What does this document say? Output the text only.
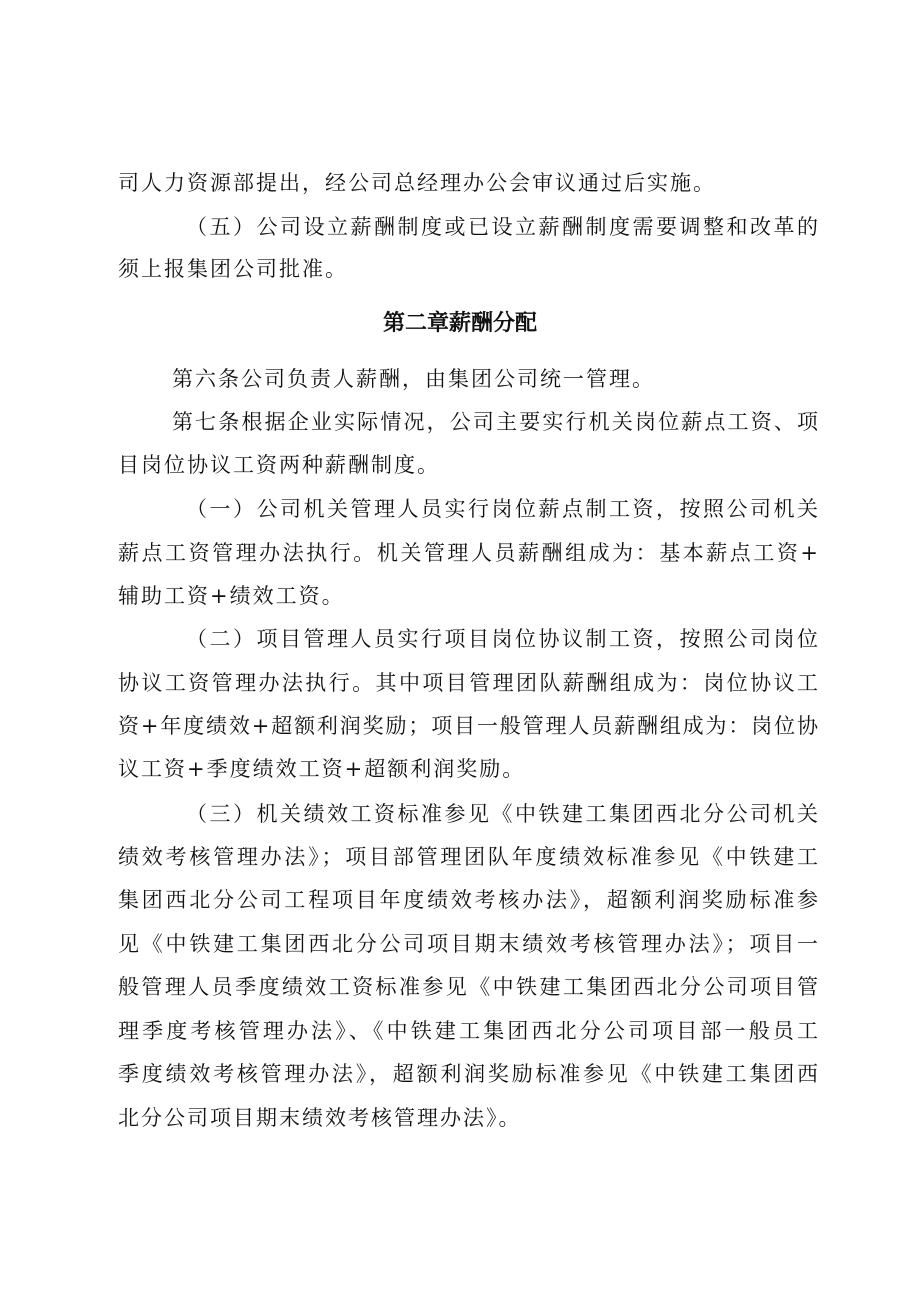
司人力资源部提出，经公司总经理办公会审议通过后实施。
（五）公司设立薪酬制度或已设立薪酬制度需要调整和改革的
须上报集团公司批准。
第二章薪酬分配
第六条公司负责人薪酬，由集团公司统一管理。
第七条根据企业实际情况，公司主要实行机关岗位薪点工资、项
目岗位协议工资两种薪酬制度。
（一）公司机关管理人员实行岗位薪点制工资，按照公司机关
薪点工资管理办法执行。机关管理人员薪酬组成为：基本薪点工资+
辅助工资+绩效工资。
（二）项目管理人员实行项目岗位协议制工资，按照公司岗位
协议工资管理办法执行。其中项目管理团队薪酬组成为：岗位协议工
资+年度绩效+超额利润奖励；项目一般管理人员薪酬组成为：岗位协
议工资+季度绩效工资+超额利润奖励。
（三）机关绩效工资标准参见《中铁建工集团西北分公司机关
绩效考核管理办法》；项目部管理团队年度绩效标准参见《中铁建工
集团西北分公司工程项目年度绩效考核办法》，超额利润奖励标准参
见《中铁建工集团西北分公司项目期末绩效考核管理办法》；项目一
般管理人员季度绩效工资标准参见《中铁建工集团西北分公司项目管
理季度考核管理办法》、《中铁建工集团西北分公司项目部一般员工
季度绩效考核管理办法》，超额利润奖励标准参见《中铁建工集团西
北分公司项目期末绩效考核管理办法》。
